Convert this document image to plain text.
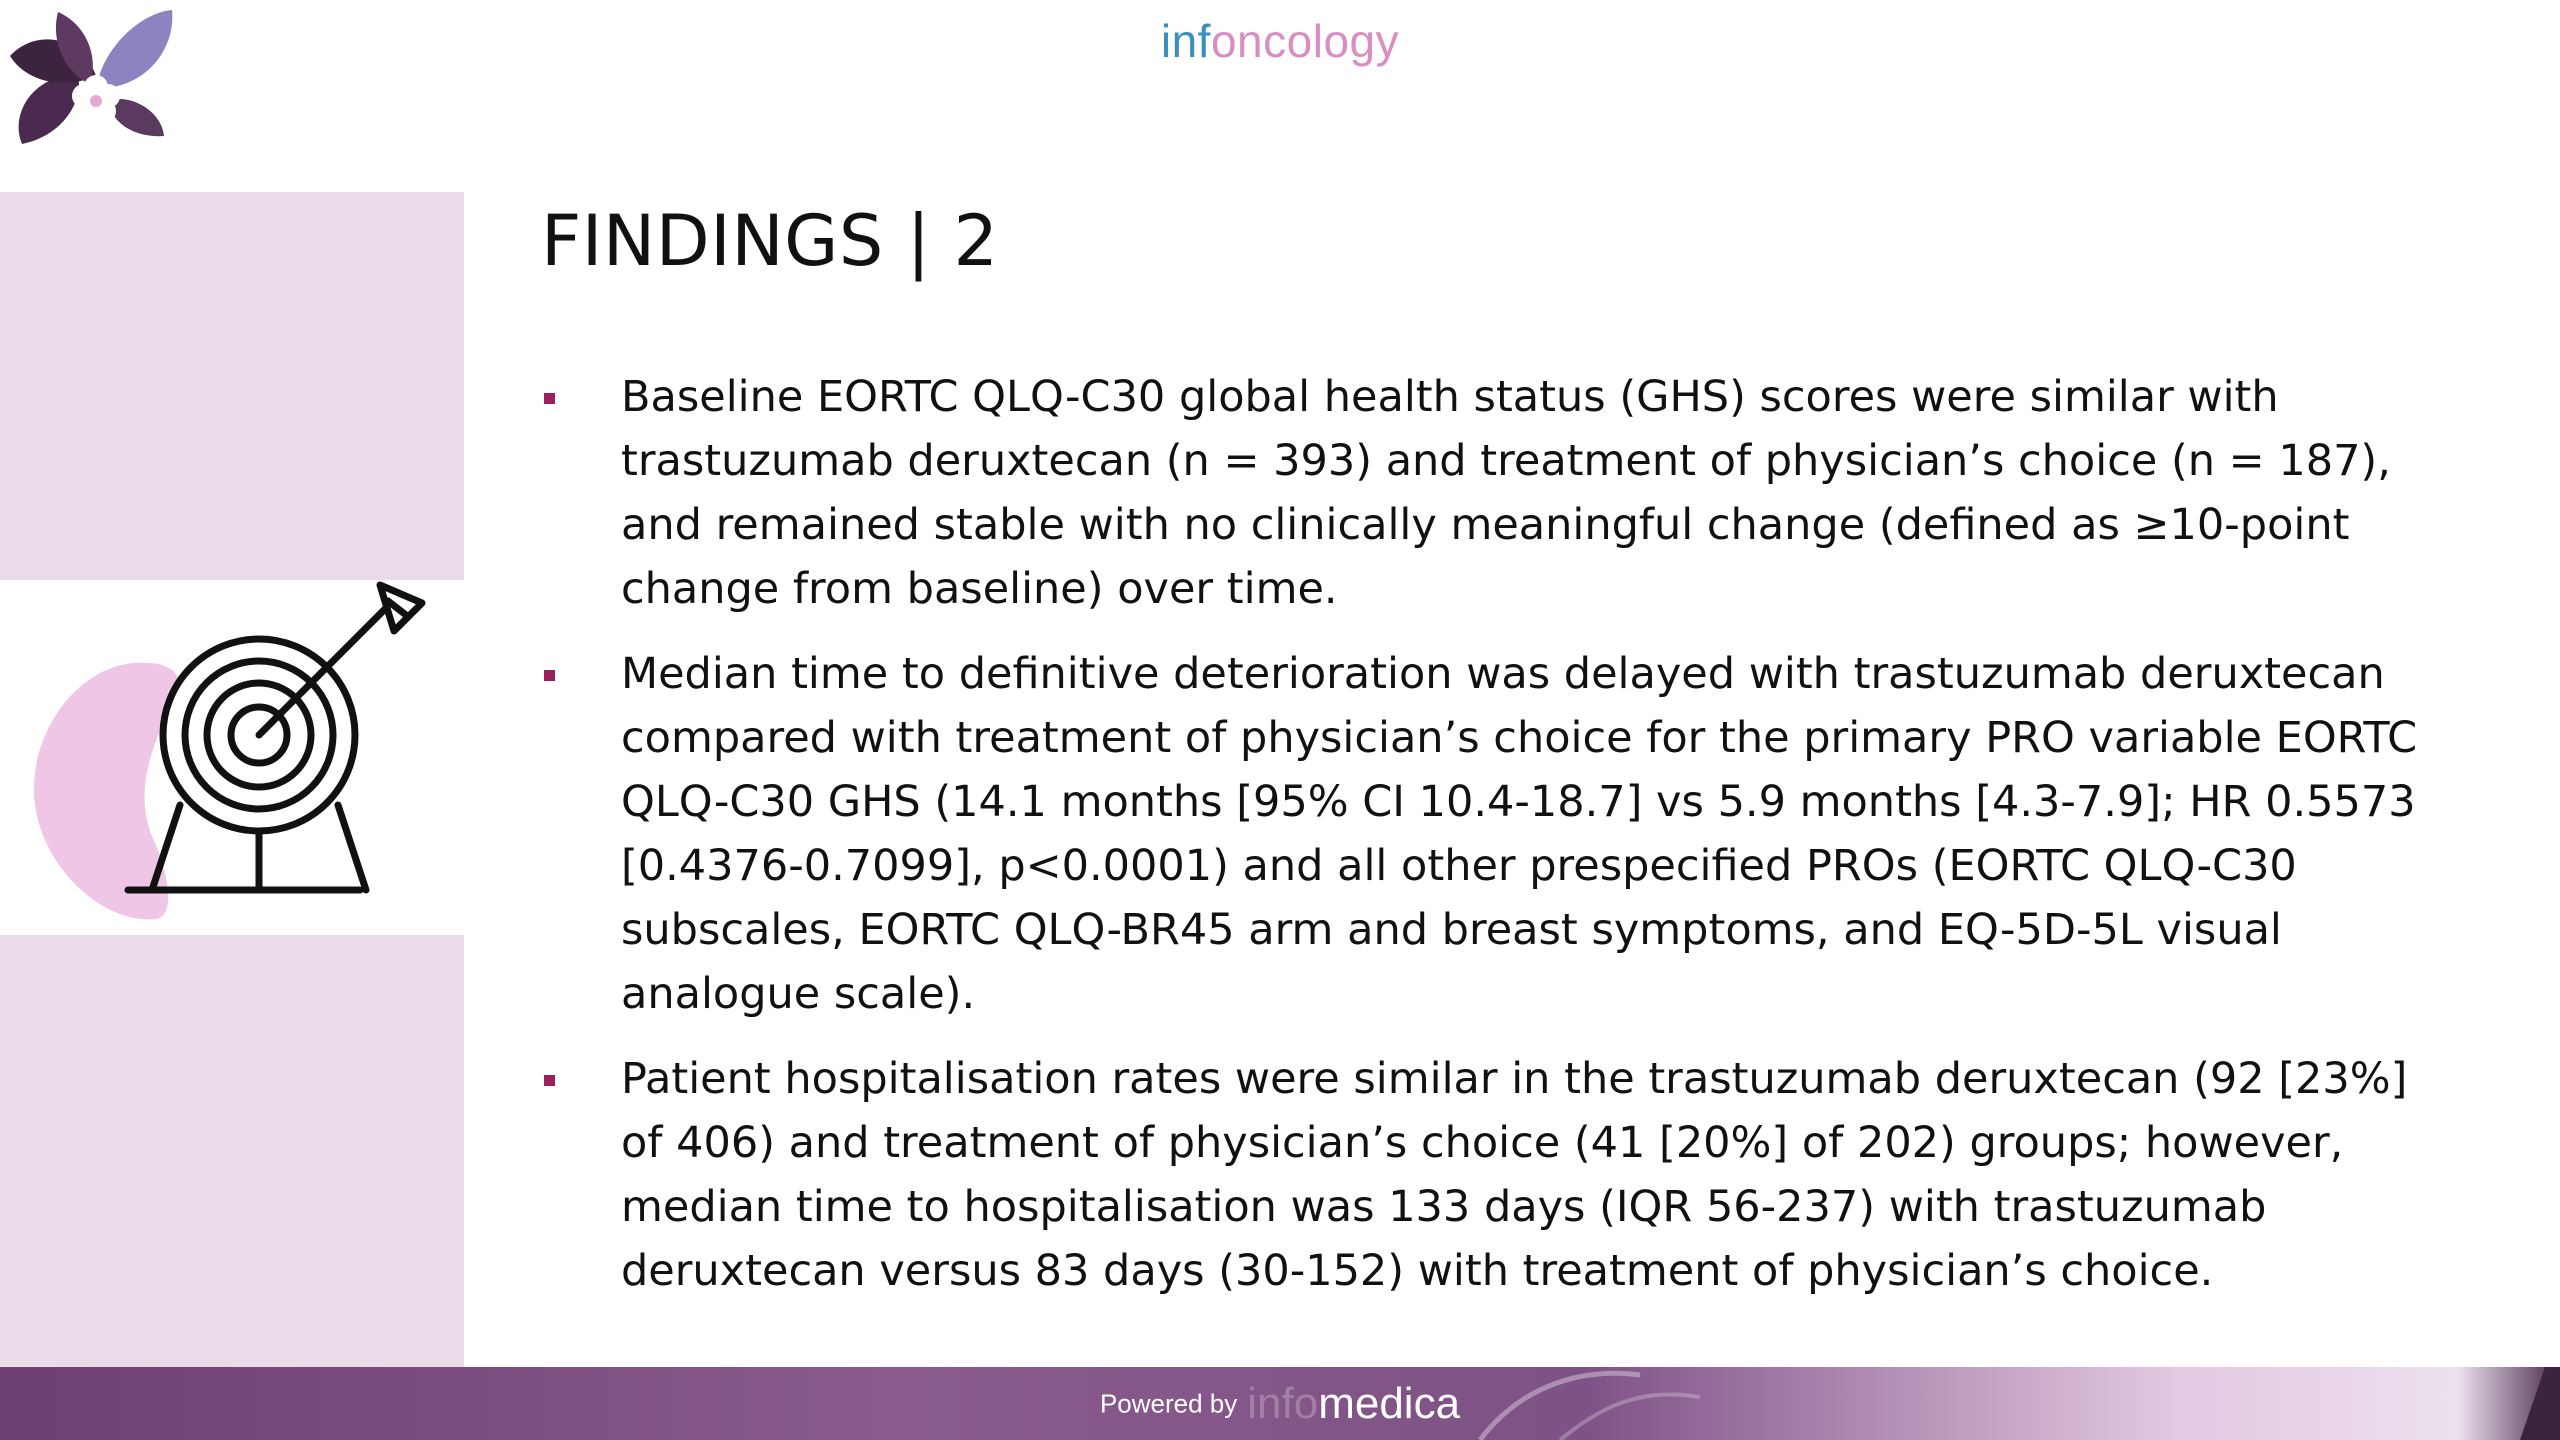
infoncology
FINDINGS | 2
Baseline EORTC QLQ-C30 global health status (GHS) scores were similar with trastuzumab deruxtecan (n = 393) and treatment of physician’s choice (n = 187), and remained stable with no clinically meaningful change (defined as ≥10-point change from baseline) over time.
Median time to definitive deterioration was delayed with trastuzumab deruxtecan compared with treatment of physician’s choice for the primary PRO variable EORTC QLQ-C30 GHS (14.1 months [95% CI 10.4-18.7] vs 5.9 months [4.3-7.9]; HR 0.5573 [0.4376-0.7099], p<0.0001) and all other prespecified PROs (EORTC QLQ-C30 subscales, EORTC QLQ-BR45 arm and breast symptoms, and EQ-5D-5L visual analogue scale).
Patient hospitalisation rates were similar in the trastuzumab deruxtecan (92 [23%] of 406) and treatment of physician’s choice (41 [20%] of 202) groups; however, median time to hospitalisation was 133 days (IQR 56-237) with trastuzumab deruxtecan versus 83 days (30-152) with treatment of physician’s choice.
Powered by infomedica
